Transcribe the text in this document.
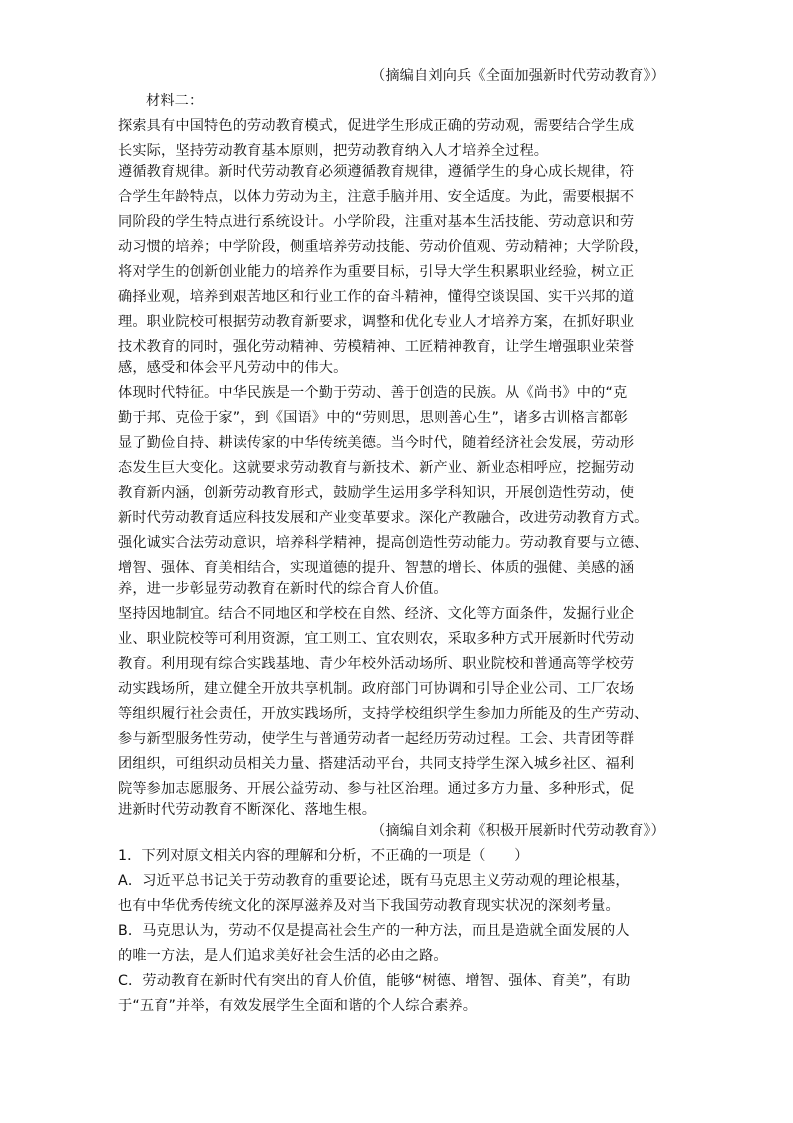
（摘编自刘向兵《全面加强新时代劳动教育》）
材料二：
探索具有中国特色的劳动教育模式，促进学生形成正确的劳动观，需要结合学生成
长实际，坚持劳动教育基本原则，把劳动教育纳入人才培养全过程。
遵循教育规律。新时代劳动教育必须遵循教育规律，遵循学生的身心成长规律，符
合学生年龄特点，以体力劳动为主，注意手脑并用、安全适度。为此，需要根据不
同阶段的学生特点进行系统设计。小学阶段，注重对基本生活技能、劳动意识和劳
动习惯的培养；中学阶段，侧重培养劳动技能、劳动价值观、劳动精神；大学阶段，
将对学生的创新创业能力的培养作为重要目标，引导大学生积累职业经验，树立正
确择业观，培养到艰苦地区和行业工作的奋斗精神，懂得空谈误国、实干兴邦的道
理。职业院校可根据劳动教育新要求，调整和优化专业人才培养方案，在抓好职业
技术教育的同时，强化劳动精神、劳模精神、工匠精神教育，让学生增强职业荣誉
感，感受和体会平凡劳动中的伟大。
体现时代特征。中华民族是一个勤于劳动、善于创造的民族。从《尚书》中的“克
勤于邦、克俭于家”，到《国语》中的“劳则思，思则善心生”，诸多古训格言都彰
显了勤俭自持、耕读传家的中华传统美德。当今时代，随着经济社会发展，劳动形
态发生巨大变化。这就要求劳动教育与新技术、新产业、新业态相呼应，挖掘劳动
教育新内涵，创新劳动教育形式，鼓励学生运用多学科知识，开展创造性劳动，使
新时代劳动教育适应科技发展和产业变革要求。深化产教融合，改进劳动教育方式。
强化诚实合法劳动意识，培养科学精神，提高创造性劳动能力。劳动教育要与立德、
增智、强体、育美相结合，实现道德的提升、智慧的增长、体质的强健、美感的涵
养，进一步彰显劳动教育在新时代的综合育人价值。
坚持因地制宜。结合不同地区和学校在自然、经济、文化等方面条件，发掘行业企
业、职业院校等可利用资源，宜工则工、宜农则农，采取多种方式开展新时代劳动
教育。利用现有综合实践基地、青少年校外活动场所、职业院校和普通高等学校劳
动实践场所，建立健全开放共享机制。政府部门可协调和引导企业公司、工厂农场
等组织履行社会责任，开放实践场所，支持学校组织学生参加力所能及的生产劳动、
参与新型服务性劳动，使学生与普通劳动者一起经历劳动过程。工会、共青团等群
团组织，可组织动员相关力量、搭建活动平台，共同支持学生深入城乡社区、福利
院等参加志愿服务、开展公益劳动、参与社区治理。通过多方力量、多种形式，促
进新时代劳动教育不断深化、落地生根。
（摘编自刘余莉《积极开展新时代劳动教育》）
1．下列对原文相关内容的理解和分析，不正确的一项是（　　）
A．习近平总书记关于劳动教育的重要论述，既有马克思主义劳动观的理论根基，
也有中华优秀传统文化的深厚滋养及对当下我国劳动教育现实状况的深刻考量。
B．马克思认为，劳动不仅是提高社会生产的一种方法，而且是造就全面发展的人
的唯一方法，是人们追求美好社会生活的必由之路。
C．劳动教育在新时代有突出的育人价值，能够“树德、增智、强体、育美”，有助
于“五育”并举，有效发展学生全面和谐的个人综合素养。
